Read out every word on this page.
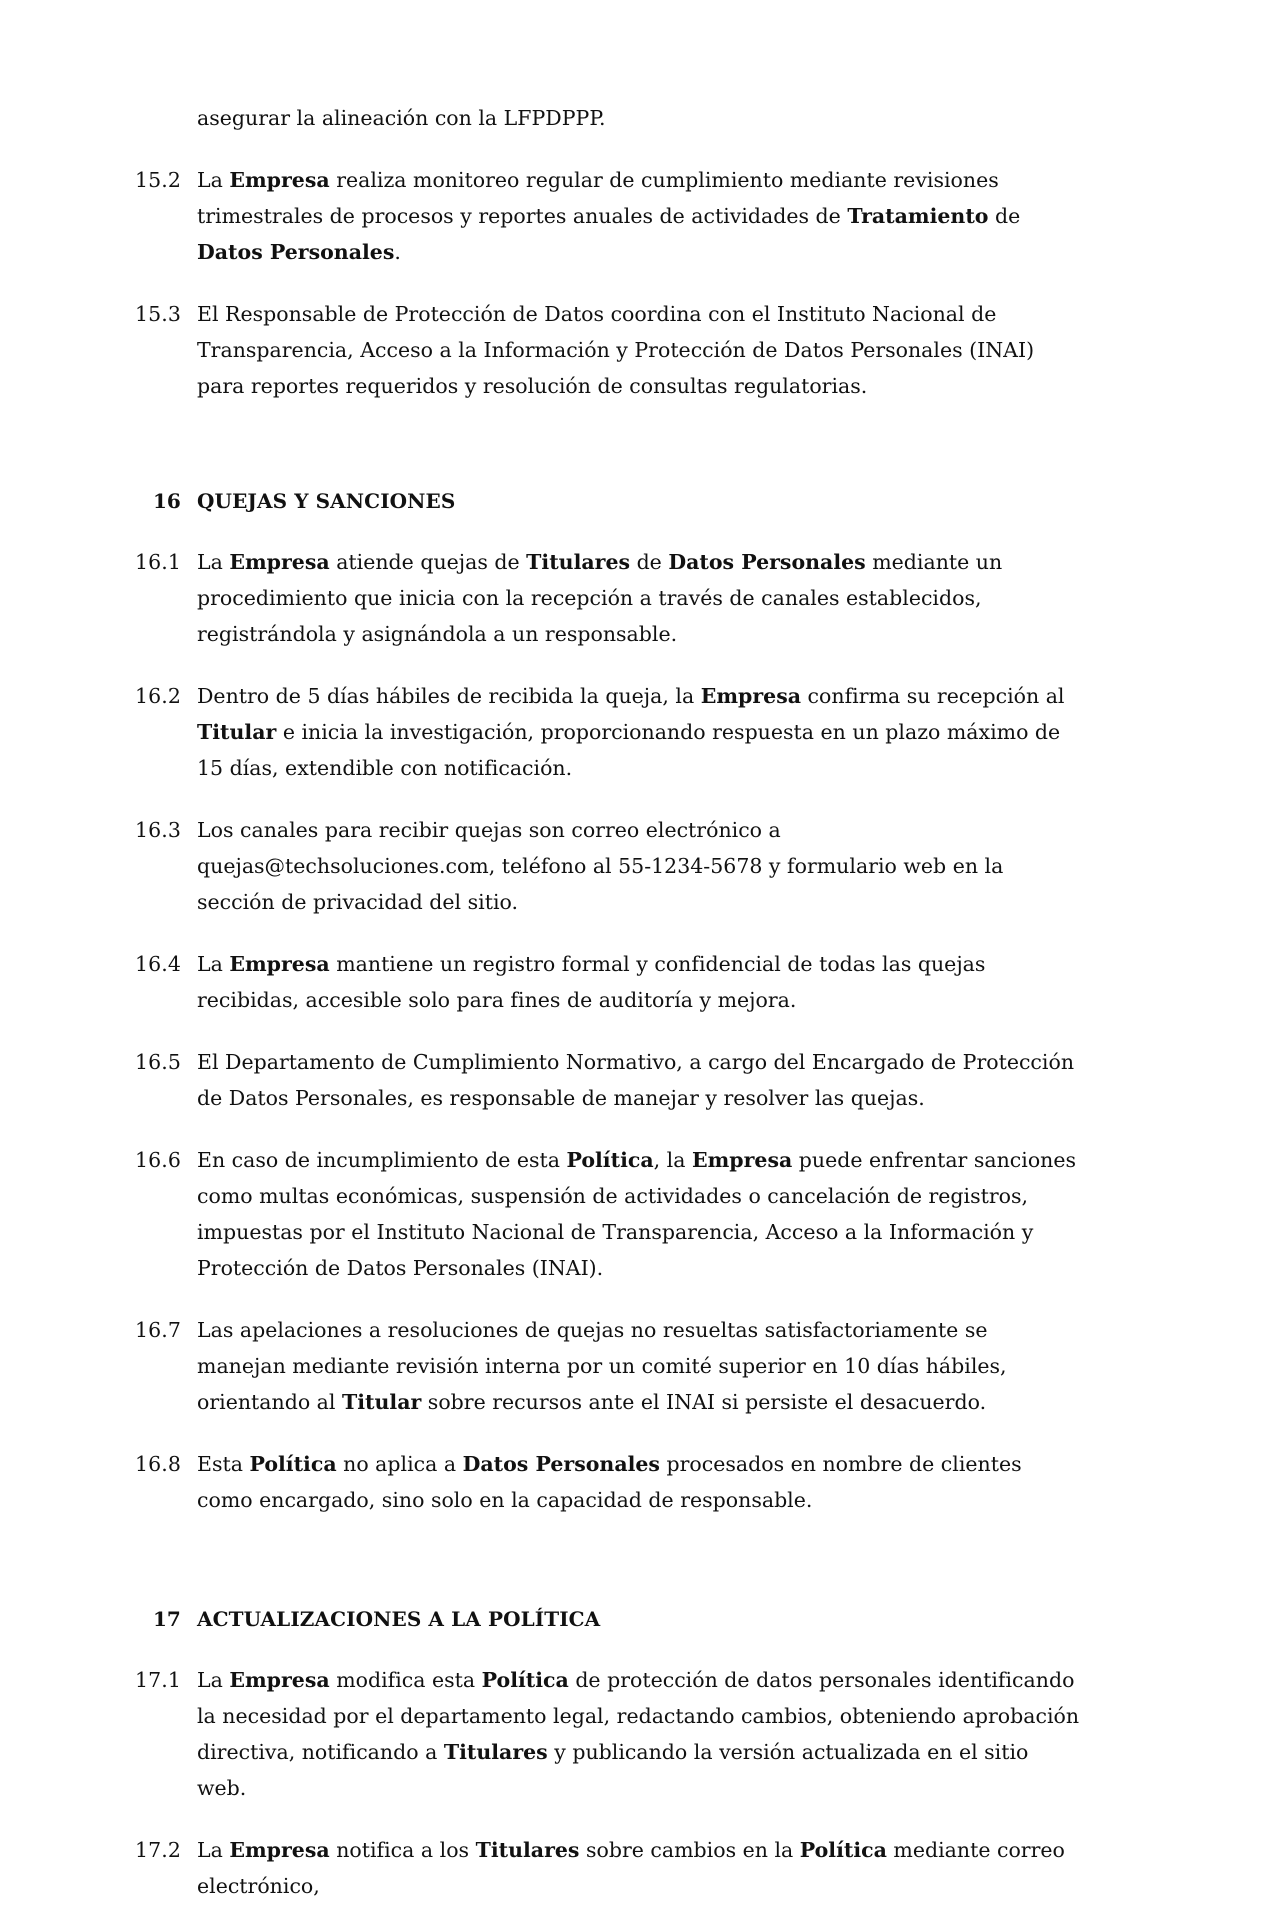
asegurar la alineación con la LFPDPPP.
15.2 La Empresa realiza monitoreo regular de cumplimiento mediante revisiones trimestrales de procesos y reportes anuales de actividades de Tratamiento de Datos Personales.
15.3 El Responsable de Protección de Datos coordina con el Instituto Nacional de Transparencia, Acceso a la Información y Protección de Datos Personales (INAI) para reportes requeridos y resolución de consultas regulatorias.
16 QUEJAS Y SANCIONES
16.1 La Empresa atiende quejas de Titulares de Datos Personales mediante un procedimiento que inicia con la recepción a través de canales establecidos, registrándola y asignándola a un responsable.
16.2 Dentro de 5 días hábiles de recibida la queja, la Empresa confirma su recepción al Titular e inicia la investigación, proporcionando respuesta en un plazo máximo de 15 días, extendible con notificación.
16.3 Los canales para recibir quejas son correo electrónico a quejas@techsoluciones.com, teléfono al 55-1234-5678 y formulario web en la sección de privacidad del sitio.
16.4 La Empresa mantiene un registro formal y confidencial de todas las quejas recibidas, accesible solo para fines de auditoría y mejora.
16.5 El Departamento de Cumplimiento Normativo, a cargo del Encargado de Protección de Datos Personales, es responsable de manejar y resolver las quejas.
16.6 En caso de incumplimiento de esta Política, la Empresa puede enfrentar sanciones como multas económicas, suspensión de actividades o cancelación de registros, impuestas por el Instituto Nacional de Transparencia, Acceso a la Información y Protección de Datos Personales (INAI).
16.7 Las apelaciones a resoluciones de quejas no resueltas satisfactoriamente se manejan mediante revisión interna por un comité superior en 10 días hábiles, orientando al Titular sobre recursos ante el INAI si persiste el desacuerdo.
16.8 Esta Política no aplica a Datos Personales procesados en nombre de clientes como encargado, sino solo en la capacidad de responsable.
17 ACTUALIZACIONES A LA POLÍTICA
17.1 La Empresa modifica esta Política de protección de datos personales identificando la necesidad por el departamento legal, redactando cambios, obteniendo aprobación directiva, notificando a Titulares y publicando la versión actualizada en el sitio web.
17.2 La Empresa notifica a los Titulares sobre cambios en la Política mediante correo electrónico,
